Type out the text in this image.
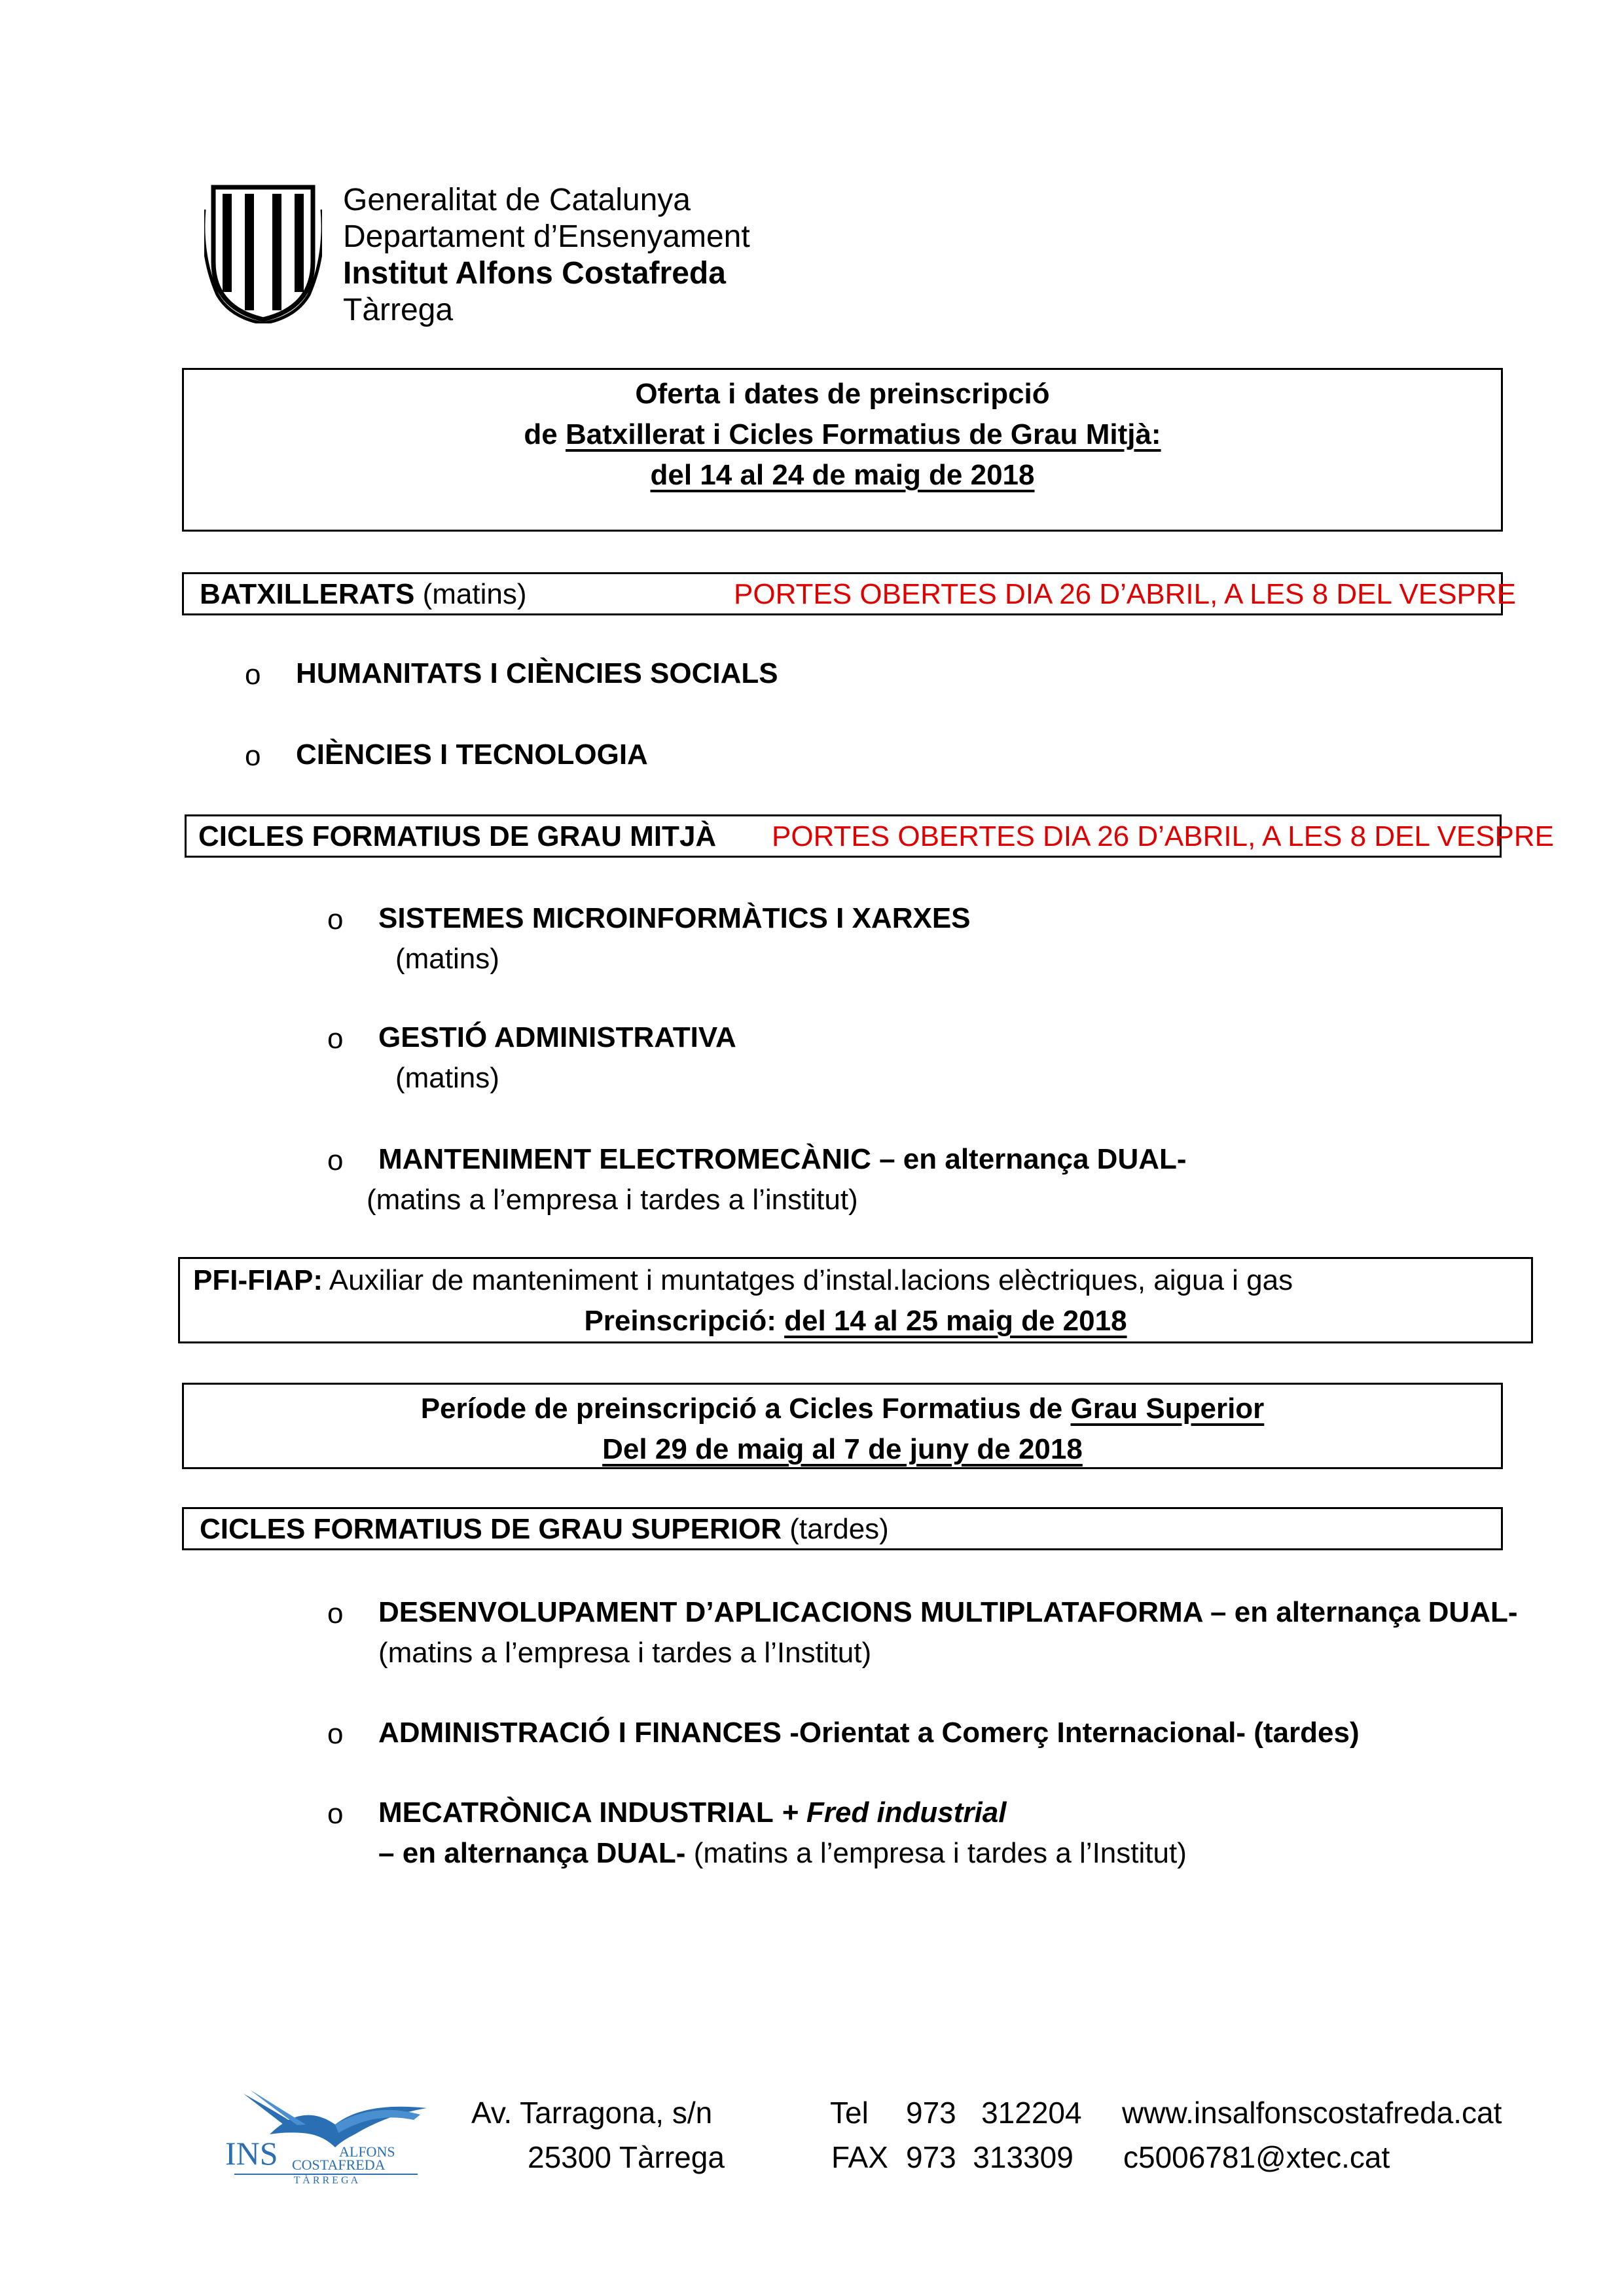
Generalitat de Catalunya
Departament d’Ensenyament
Institut Alfons Costafreda
Tàrrega
Oferta i dates de preinscripció
de Batxillerat i Cicles Formatius de Grau Mitjà:
del 14 al 24 de maig de 2018
BATXILLERATS (matins)	PORTES OBERTES DIA 26 D’ABRIL, A LES 8 DEL VESPRE
o HUMANITATS I CIÈNCIES SOCIALS
o CIÈNCIES I TECNOLOGIA
CICLES FORMATIUS DE GRAU MITJÀ PORTES OBERTES DIA 26 D’ABRIL, A LES 8 DEL VESPRE
o SISTEMES MICROINFORMÀTICS I XARXES
(matins)
o GESTIÓ ADMINISTRATIVA
(matins)
o MANTENIMENT ELECTROMECÀNIC – en alternança DUAL-
(matins a l’empresa i tardes a l’institut)
PFI-FIAP: Auxiliar de manteniment i muntatges d’instal.lacions elèctriques, aigua i gas
Preinscripció: del 14 al 25 maig de 2018
Període de preinscripció a Cicles Formatius de Grau Superior
Del 29 de maig al 7 de juny de 2018
CICLES FORMATIUS DE GRAU SUPERIOR (tardes)
o DESENVOLUPAMENT D’APLICACIONS MULTIPLATAFORMA – en alternança DUAL-
(matins a l’empresa i tardes a l’Institut)
o ADMINISTRACIÓ I FINANCES -Orientat a Comerç Internacional- (tardes)
o MECATRÒNICA INDUSTRIAL + Fred industrial
– en alternança DUAL- (matins a l’empresa i tardes a l’Institut)
INS	ALFONS
COSTAFREDA
T À R R E G A
Av. Tarragona, s/n
25300 Tàrrega
Tel 973   312204
FAX 973  313309
www.insalfonscostafreda.cat
c5006781@xtec.cat
